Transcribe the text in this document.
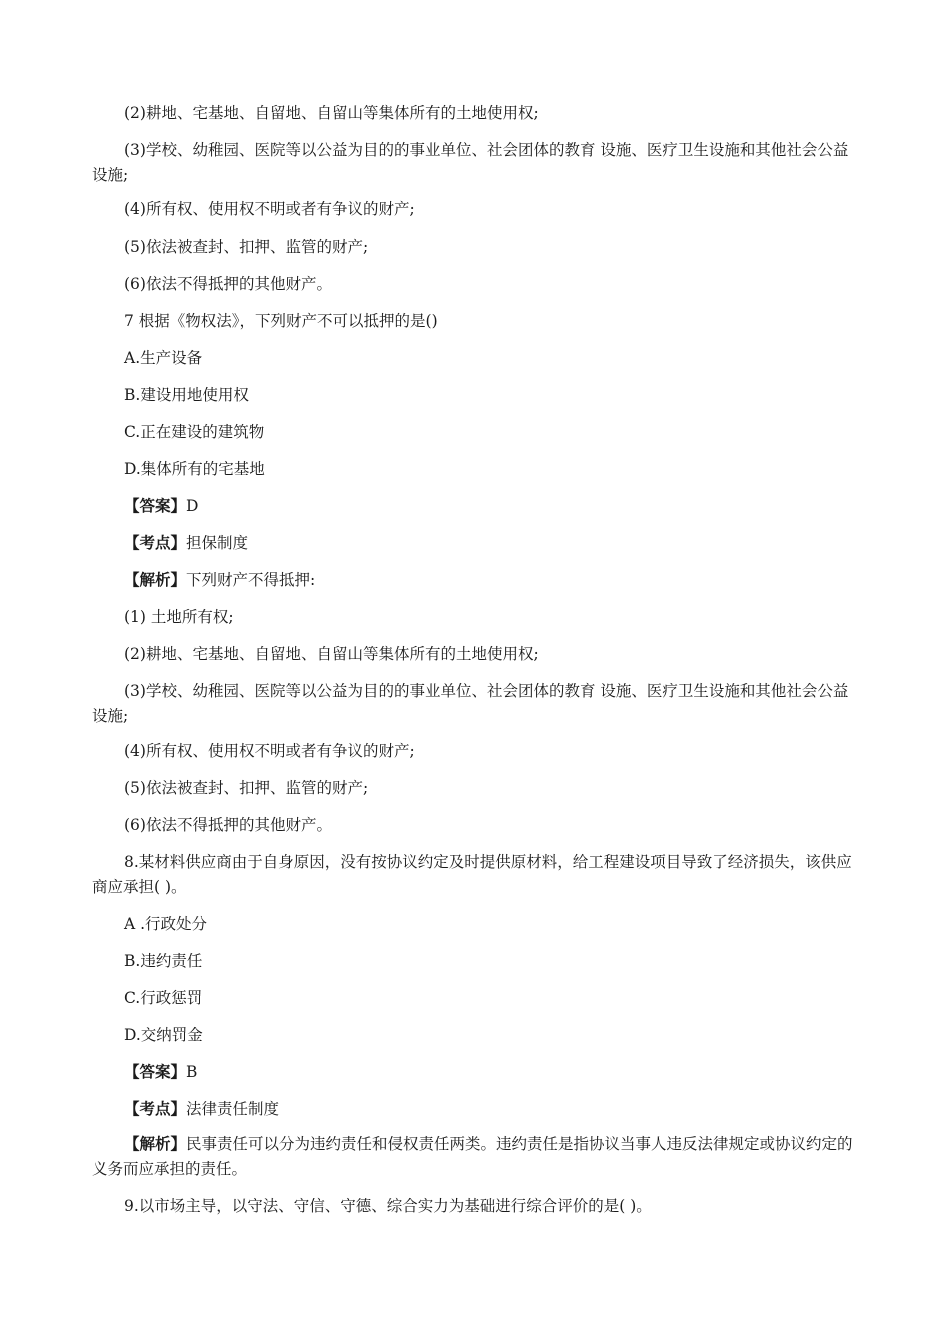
(2)耕地、宅基地、自留地、自留山等集体所有的土地使用权;
(3)学校、幼稚园、医院等以公益为目的的事业单位、社会团体的教育 设施、医疗卫生设施和其他社会公益设施;
(4)所有权、使用权不明或者有争议的财产;
(5)依法被查封、扣押、监管的财产;
(6)依法不得抵押的其他财产。
7 根据《物权法》，下列财产不可以抵押的是()
A.生产设备
B.建设用地使用权
C.正在建设的建筑物
D.集体所有的宅基地
【答案】D
【考点】担保制度
【解析】下列财产不得抵押:
(1) 土地所有权;
(2)耕地、宅基地、自留地、自留山等集体所有的土地使用权;
(3)学校、幼稚园、医院等以公益为目的的事业单位、社会团体的教育 设施、医疗卫生设施和其他社会公益设施;
(4)所有权、使用权不明或者有争议的财产;
(5)依法被查封、扣押、监管的财产;
(6)依法不得抵押的其他财产。
8.某材料供应商由于自身原因，没有按协议约定及时提供原材料，给工程建设项目导致了经济损失，该供应商应承担( )。
A .行政处分
B.违约责任
C.行政惩罚
D.交纳罚金
【答案】B
【考点】法律责任制度
【解析】民事责任可以分为违约责任和侵权责任两类。违约责任是指协议当事人违反法律规定或协议约定的义务而应承担的责任。
9.以市场主导，以守法、守信、守德、综合实力为基础进行综合评价的是( )。
